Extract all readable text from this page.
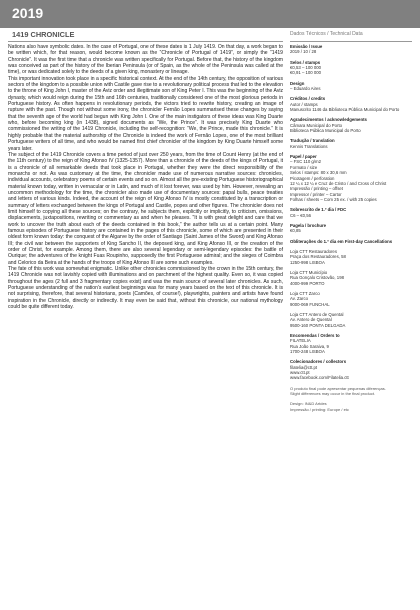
2019
1419 CHRONICLE	Dados Técnicos / Technical Data

Nations also have symbolic dates. In the case of Portugal, one of these dates is 1 July 1419. On that day, a work began to be written which, for that reason, would become known as the “Chronicle of Portugal of 1419”, or simply the “1419 Chronicle”. It was the first time that a chronicle was written specifically for Portugal. Before that, the history of the kingdom was conceived as part of the history of the Iberian Peninsula (or of Spain, as the whole of the Peninsula was called at the time), or was dedicated solely to the deeds of a given king, monastery or lineage.

This important innovation took place in a specific historical context. At the end of the 14th century, the opposition of various sectors of the kingdom to a possible union with Castile gave rise to a revolutionary political process that led to the elevation to the throne of King John I, master of the Aviz order and illegitimate son of King Peter I. This was the beginning of the Aviz dynasty, which would reign during the 15th and 16th centuries, traditionally considered one of the most glorious periods in Portuguese history. As often happens in revolutionary periods, the victors tried to rewrite history, creating an image of rupture with the past. Though not without some irony, the chronicler Fernão Lopes summarised these changes by saying that the seventh age of the world had begun with King John I. One of the main instigators of these ideas was King Duarte who, before becoming king (in 1438), signed documents as “We, the Prince”. It was precisely King Duarte who commissioned the writing of the 1419 Chronicle, including the self-recognition: “We, the Prince, made this chronicle.” It is highly probable that the material authorship of the Chronicle is indeed the work of Fernão Lopes, one of the most brilliant Portuguese writers of all time, and who would be named first chief chronicler of the kingdom by King Duarte himself some years later.

The subject of the 1419 Chronicle covers a time period of just over 250 years, from the time of Count Henry (at the end of the 11th century) to the reign of King Afonso IV (1325-1357). More than a chronicle of the deeds of the kings of Portugal, it is a chronicle of all remarkable deeds that took place in Portugal, whether they were the direct responsibility of the monarchs or not. As was customary at the time, the chronicler made use of numerous narrative sources: chronicles, individual accounts, celebratory poems of certain events and so on. Almost all the pre-existing Portuguese historiographical material known today, written in vernacular or in Latin, and much of it lost forever, was used by him. However, revealing an uncommon methodology for the time, the chronicler also made use of documentary sources: papal bulls, peace treaties and letters of various kinds. Indeed, the account of the reign of King Afonso IV is mostly constituted by a transcription or summary of letters exchanged between the kings of Portugal and Castile, popes and other figures. The chronicler does not limit himself to copying all these sources; on the contrary, he subjects them, explicitly or implicitly, to criticism, omissions, displacements, juxtapositions, rewriting or commentary as and when he pleases. “It is with great delight and care that we work to uncover the truth about each of the deeds contained in this book,” the author tells us at a certain point. Many famous episodes of Portuguese history are contained in the pages of this chronicle, some of which are presented in their oldest form known today: the conquest of the Algarve by the order of Santiago (Saint James of the Sword) and King Afonso III; the civil war between the supporters of King Sancho II, the deposed king, and King Afonso III, or the creation of the order of Christ, for example. Among them, there are also several legendary or semi-legendary episodes: the battle of Ourique; the adventures of the knight Fuas Roupinho, supposedly the first Portuguese admiral; and the sieges of Coimbra and Celorico da Beira at the hands of the troops of King Afonso III are some such examples.

The fate of this work was somewhat enigmatic. Unlike other chronicles commissioned by the crown in the 15th century, the 1419 Chronicle was not lavishly copied with illuminations and on parchment of the highest quality. Even so, it was copied throughout the ages (2 full and 3 fragmentary copies exist) and was the main source of several later chronicles. As such, Portuguese understanding of the nation’s earliest beginnings was for many years based on the text of this chronicle. It is not surprising, therefore, that several historians, poets (Camões, of course!), playwrights, painters and artists have found inspiration in the Chronicle, directly or indirectly. It may even be said that, without this chronicle, our national mythology could be quite different today.

Emissão / Issue
2019 / 10 / 28
Selos / stamps
€0,53 – 100 000
€0,91 – 100 000
Design
– Eduardo Aires
Créditos / credits
Autor / stamps
Manuscrito 1146 da Biblioteca Pública Municipal do Porto
Agradecimentos / acknowledgements
Câmara Municipal do Porto
Biblioteca Pública Municipal do Porto
Tradução / translation
Kennis Translations
Papel / paper
– FSC 110 g/m2
Formato / size
Selos / stamps: 80 x 30,6 mm
Picotagem / perforation
12 ¼ x 12 ¼ e Cruz de Cristo / and Cross of Christ
Impressão / printing – offset
Impressor / printer – Cartor
Folhas / sheets – Com 25 ex. / with 25 copies
Sobrescrito de 1.º dia / FDC
C6 – €0,56
Pagela / brochure
€0,85
Obliterações do 1.º dia em First-day Cancellations
Loja CTT Restauradores
Praça dos Restauradores, 58
1250-998 LISBOA
Loja CTT Município
Rua Gonçalo Cristovão, 198
4000-999 PORTO
Loja CTT Zarco
Av. Zarco
9000-069 FUNCHAL
Loja CTT Antero de Quental
Av. Antero de Quental
9500-160 PONTA DELGADA
Encomendas / Orders to
FILATELIA
Rua João Saraiva, 9
1700-248 LISBOA
Colecionadores / collectors
filatelia@ctt.pt
www.ctt.pt
www.facebook.com/Filatelia.ctt
O produto final pode apresentar pequenas diferenças.
Slight differences may occur in the final product.
Design: IN&D Artdes
Impressão / printing: Europe / etc
